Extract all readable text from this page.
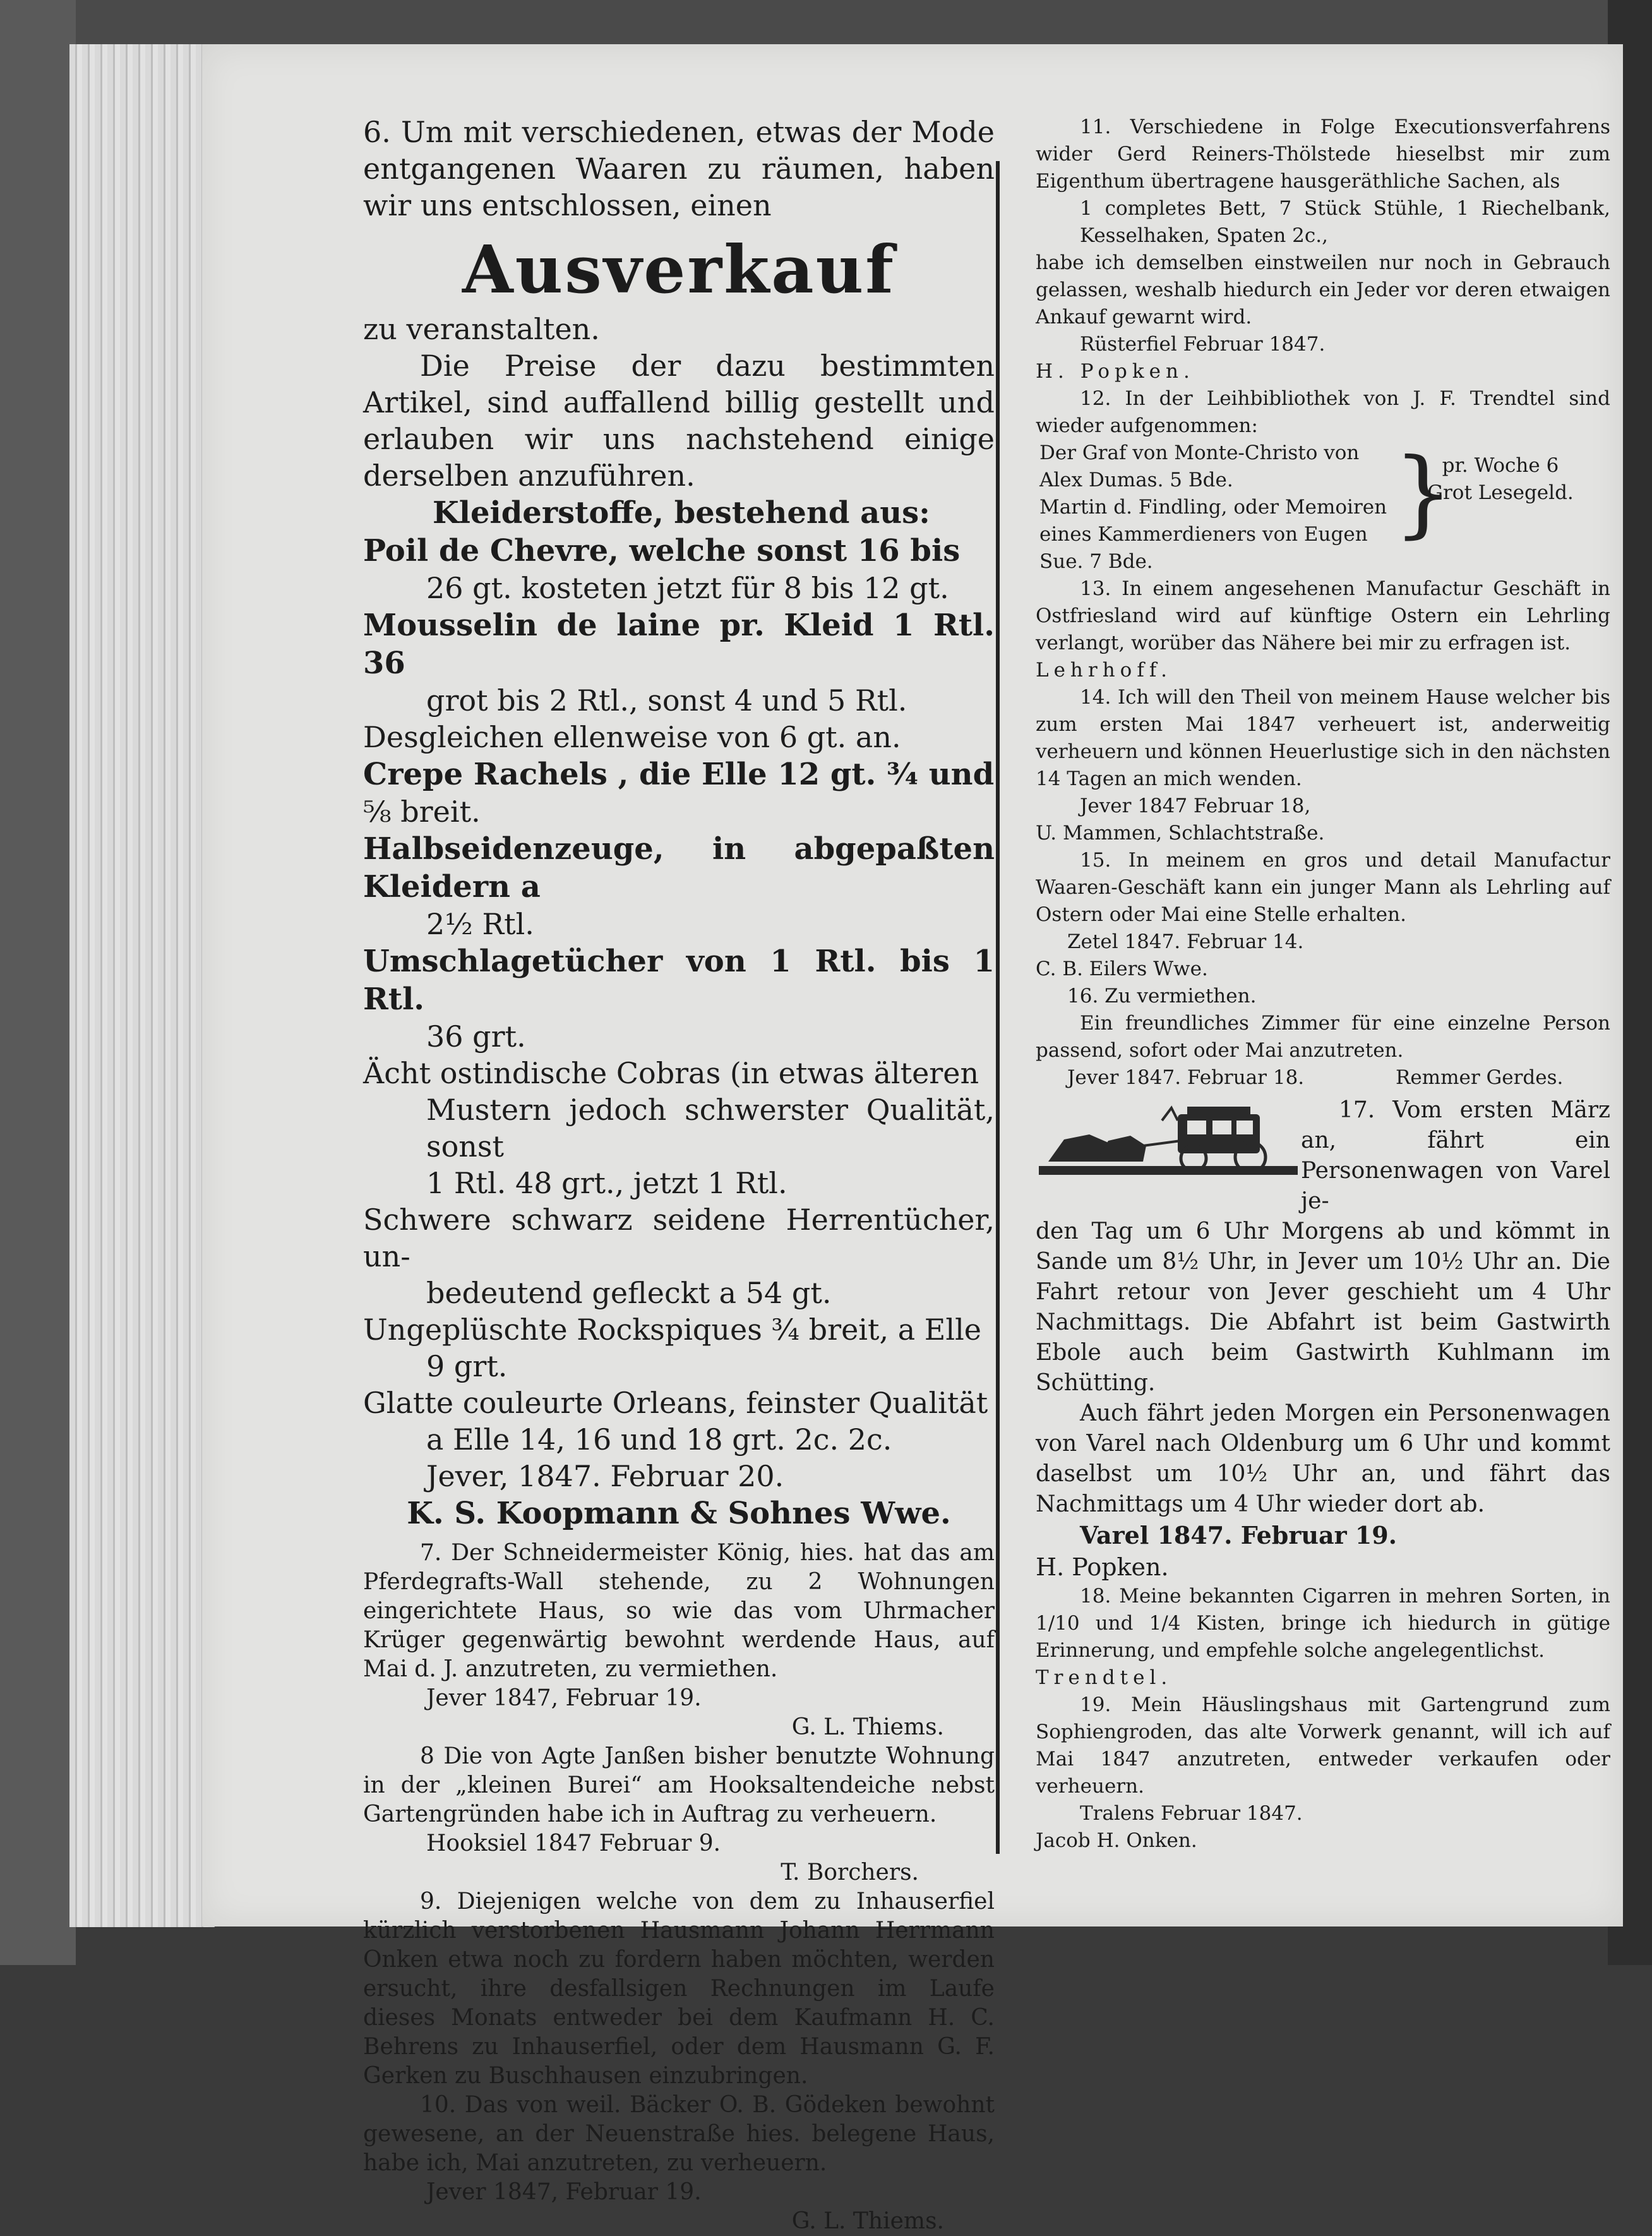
6. Um mit verschiedenen, etwas der Mode entgangenen Waaren zu räumen, haben wir uns entschlossen, einen

Ausverkauf

zu veranstalten.

Die Preise der dazu bestimmten Artikel, sind auffallend billig gestellt und erlauben wir uns nachstehend einige derselben anzuführen.

Kleiderstoffe, bestehend aus:

Poil de Chevre, welche sonst 16 bis

26 gt. kosteten jetzt für 8 bis 12 gt.

Mousselin de laine pr. Kleid 1 Rtl. 36

grot bis 2 Rtl., sonst 4 und 5 Rtl.

Desgleichen ellenweise von 6 gt. an.

Crepe Rachels , die Elle 12 gt. ¾ und

⅝ breit.

Halbseidenzeuge, in abgepaßten Kleidern a

2½ Rtl.

Umschlagetücher von 1 Rtl. bis 1 Rtl.

36 grt.

Ächt ostindische Cobras (in etwas älteren

Mustern jedoch schwerster Qualität, sonst

1 Rtl. 48 grt., jetzt 1 Rtl.

Schwere schwarz seidene Herrentücher, un-

bedeutend gefleckt a 54 gt.

Ungeplüschte Rockspiques ¾ breit, a Elle

9 grt.

Glatte couleurte Orleans, feinster Qualität

a Elle 14, 16 und 18 grt. 2c. 2c.

Jever, 1847. Februar 20.

K. S. Koopmann & Sohnes Wwe.

7. Der Schneidermeister König, hies. hat das am Pferdegrafts-Wall stehende, zu 2 Wohnungen eingerichtete Haus, so wie das vom Uhrmacher Krüger gegenwärtig bewohnt werdende Haus, auf Mai d. J. anzutreten, zu vermiethen.

Jever 1847, Februar 19.

G. L. Thiems.

8 Die von Agte Janßen bisher benutzte Wohnung in der „kleinen Burei“ am Hooksaltendeiche nebst Gartengründen habe ich in Auftrag zu verheuern.

Hooksiel 1847 Februar 9.

T. Borchers.

9. Diejenigen welche von dem zu Inhauserfiel kürzlich verstorbenen Hausmann Johann Herrmann Onken etwa noch zu fordern haben möchten, werden ersucht, ihre desfallsigen Rechnungen im Laufe dieses Monats entweder bei dem Kaufmann H. C. Behrens zu Inhauserfiel, oder dem Hausmann G. F. Gerken zu Buschhausen einzubringen.

10. Das von weil. Bäcker O. B. Gödeken bewohnt gewesene, an der Neuenstraße hies. belegene Haus, habe ich, Mai anzutreten, zu verheuern.

Jever 1847, Februar 19.

G. L. Thiems.

11. Verschiedene in Folge Executionsverfahrens wider Gerd Reiners-Thölstede hieselbst mir zum Eigenthum übertragene hausgeräthliche Sachen, als

1 completes Bett, 7 Stück Stühle, 1 Riechelbank, Kesselhaken, Spaten 2c.,

habe ich demselben einstweilen nur noch in Gebrauch gelassen, weshalb hiedurch ein Jeder vor deren etwaigen Ankauf gewarnt wird.

Rüsterfiel Februar 1847.

H. Popken.

12. In der Leihbibliothek von J. F. Trendtel sind wieder aufgenommen:

Der Graf von Monte-Christo von Alex Dumas. 5 Bde.
Martin d. Findling, oder Memoiren eines Kammerdieners von Eugen Sue. 7 Bde.
}
pr. Woche 6 Grot Lesegeld.

13. In einem angesehenen Manufactur Geschäft in Ostfriesland wird auf künftige Ostern ein Lehrling verlangt, worüber das Nähere bei mir zu erfragen ist.

Lehrhoff.

14. Ich will den Theil von meinem Hause welcher bis zum ersten Mai 1847 verheuert ist, anderweitig verheuern und können Heuerlustige sich in den nächsten 14 Tagen an mich wenden.

Jever 1847 Februar 18,

U. Mammen, Schlachtstraße.

15. In meinem en gros und detail Manufactur Waaren-Geschäft kann ein junger Mann als Lehrling auf Ostern oder Mai eine Stelle erhalten.

Zetel 1847. Februar 14.

C. B. Eilers Wwe.

16. Zu vermiethen.

Ein freundliches Zimmer für eine einzelne Person passend, sofort oder Mai anzutreten.

Jever 1847. Februar 18.	Remmer Gerdes.

17. Vom ersten März an, fährt ein Personenwagen von Varel je-

den Tag um 6 Uhr Morgens ab und kömmt in Sande um 8½ Uhr, in Jever um 10½ Uhr an. Die Fahrt retour von Jever geschieht um 4 Uhr Nachmittags. Die Abfahrt ist beim Gastwirth Ebole auch beim Gastwirth Kuhlmann im Schütting.

Auch fährt jeden Morgen ein Personenwagen von Varel nach Oldenburg um 6 Uhr und kommt daselbst um 10½ Uhr an, und fährt das Nachmittags um 4 Uhr wieder dort ab.

Varel 1847. Februar 19.

H. Popken.

18. Meine bekannten Cigarren in mehren Sorten, in 1/10 und 1/4 Kisten, bringe ich hiedurch in gütige Erinnerung, und empfehle solche angelegentlichst.

Trendtel.

19. Mein Häuslingshaus mit Gartengrund zum Sophiengroden, das alte Vorwerk genannt, will ich auf Mai 1847 anzutreten, entweder verkaufen oder verheuern.

Tralens Februar 1847.

Jacob H. Onken.
